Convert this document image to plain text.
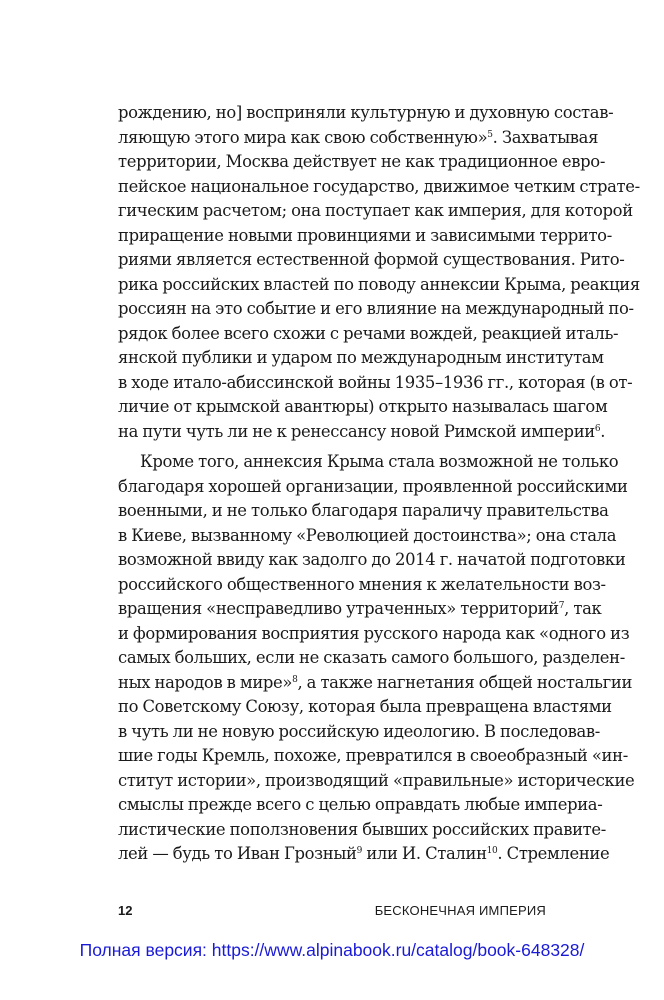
рождению, но] восприняли культурную и духовную состав-
ляющую этого мира как свою собственную»$^5$. Захватывая
территории, Москва действует не как традиционное евро-
пейское национальное государство, движимое четким страте-
гическим расчетом; она поступает как империя, для которой
приращение новыми провинциями и зависимыми террито-
риями является естественной формой существования. Рито-
рика российских властей по поводу аннексии Крыма, реакция
россиян на это событие и его влияние на международный по-
рядок более всего схожи с речами вождей, реакцией италь-
янской публики и ударом по международным институтам
в ходе итало-абиссинской войны 1935–1936 гг., которая (в от-
личие от крымской авантюры) открыто называлась шагом
на пути чуть ли не к ренессансу новой Римской империи$^6$.
Кроме того, аннексия Крыма стала возможной не только
благодаря хорошей организации, проявленной российскими
военными, и не только благодаря параличу правительства
в Киеве, вызванному «Революцией достоинства»; она стала
возможной ввиду как задолго до 2014 г. начатой подготовки
российского общественного мнения к желательности воз-
вращения «несправедливо утраченных» территорий$^7$, так
и формирования восприятия русского народа как «одного из
самых больших, если не сказать самого большого, разделен-
ных народов в мире»$^8$, а также нагнетания общей ностальгии
по Советскому Союзу, которая была превращена властями
в чуть ли не новую российскую идеологию. В последовав-
шие годы Кремль, похоже, превратился в своеобразный «ин-
ститут истории», производящий «правильные» исторические
смыслы прежде всего с целью оправдать любые империа-
листические поползновения бывших российских правите-
лей — будь то Иван Грозный$^9$ или И. Сталин$^{10}$. Стремление
12	БЕСКОНЕЧНАЯ ИМПЕРИЯ
Полная версия: https://www.alpinabook.ru/catalog/book-648328/
